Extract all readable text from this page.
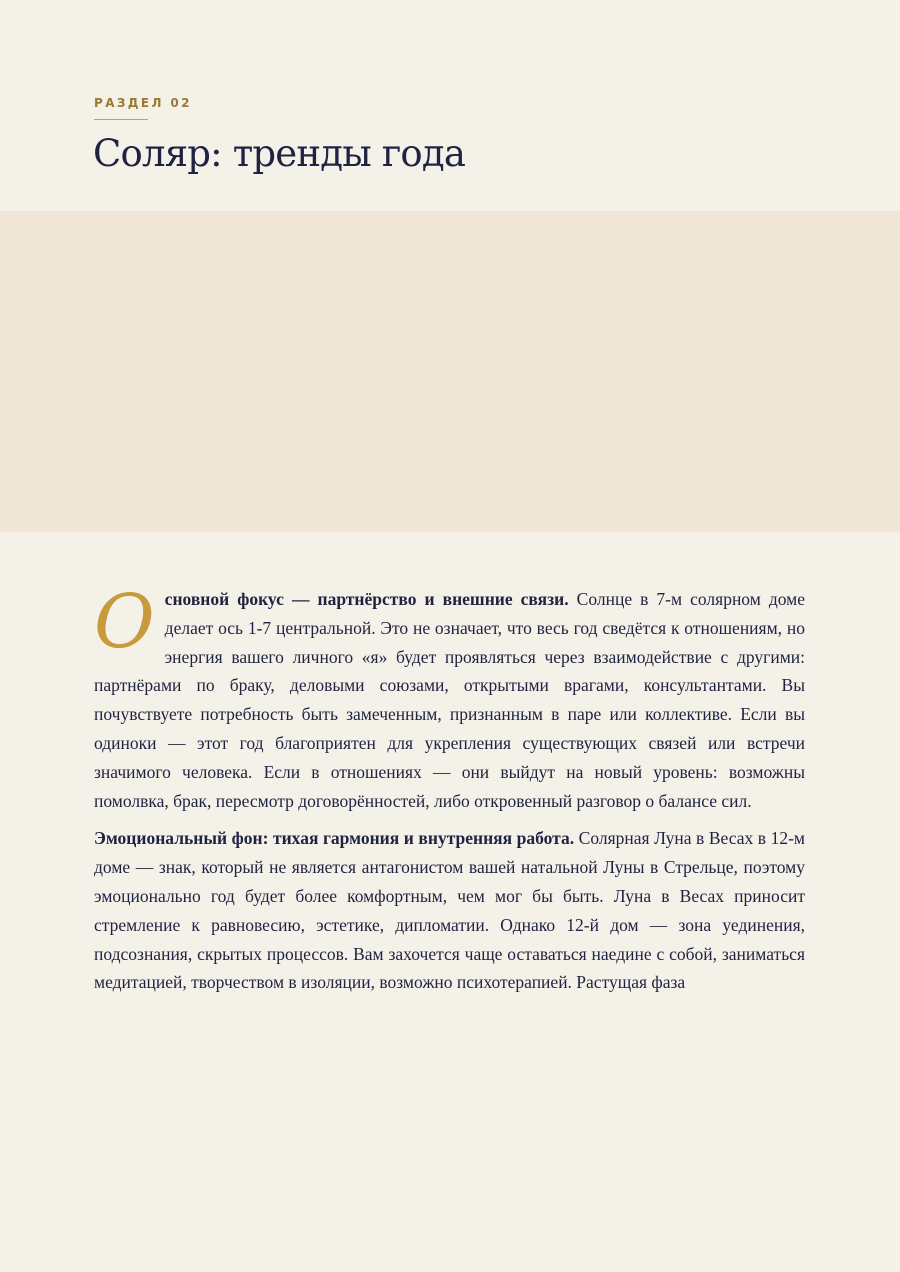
РАЗДЕЛ 02
Соляр: тренды года

Основной фокус — партнёрство и внешние связи. Солнце в 7-м солярном доме делает ось 1-7 центральной. Это не означает, что весь год сведётся к отношениям, но энергия вашего личного «я» будет проявляться через взаимодействие с другими: партнёрами по браку, деловыми союзами, открытыми врагами, консультантами. Вы почувствуете потребность быть замеченным, признанным в паре или коллективе. Если вы одиноки — этот год благоприятен для укрепления существующих связей или встречи значимого человека. Если в отношениях — они выйдут на новый уровень: возможны помолвка, брак, пересмотр договорённостей, либо откровенный разговор о балансе сил.

Эмоциональный фон: тихая гармония и внутренняя работа. Солярная Луна в Весах в 12-м доме — знак, который не является антагонистом вашей натальной Луны в Стрельце, поэтому эмоционально год будет более комфортным, чем мог бы быть. Луна в Весах приносит стремление к равновесию, эстетике, дипломатии. Однако 12-й дом — зона уединения, подсознания, скрытых процессов. Вам захочется чаще оставаться наедине с собой, заниматься медитацией, творчеством в изоляции, возможно психотерапией. Растущая фаза
